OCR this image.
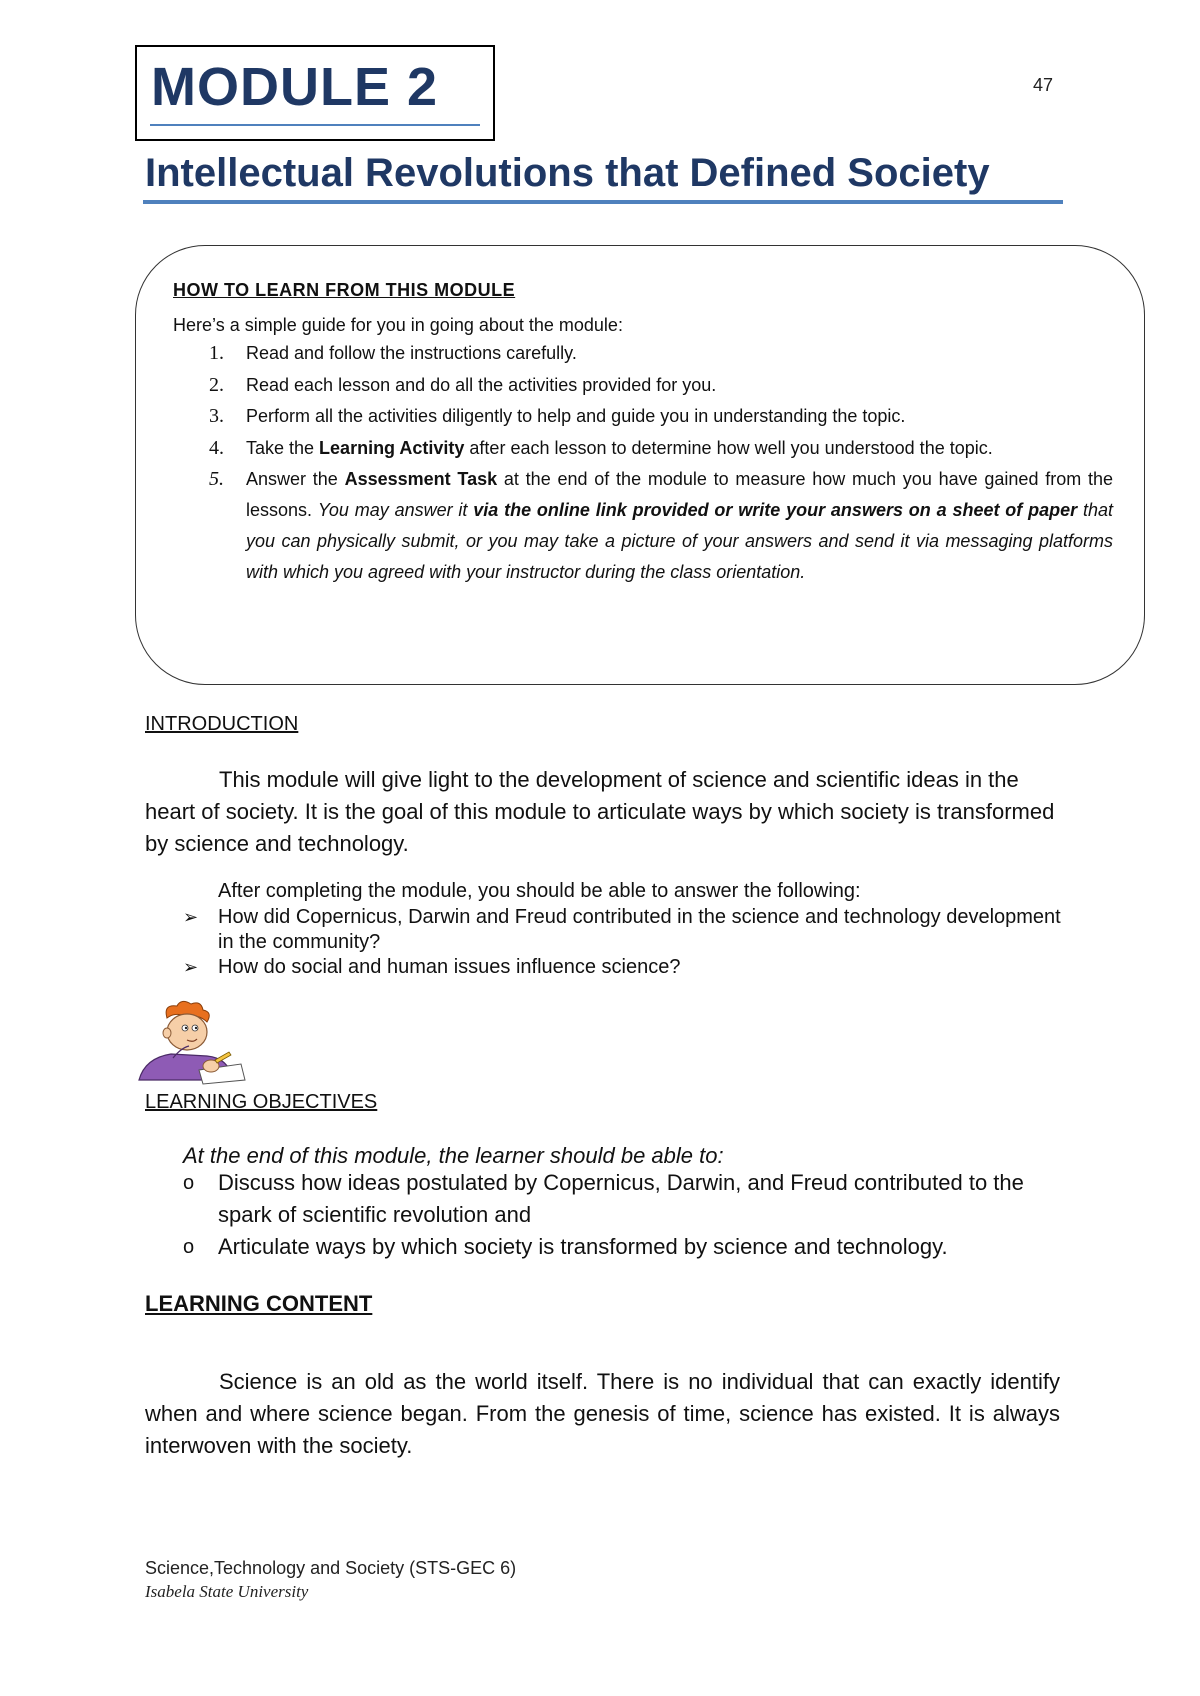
MODULE 2	47
Intellectual Revolutions that Defined Society
HOW TO LEARN FROM THIS MODULE
Here’s a simple guide for you in going about the module:
1. Read and follow the instructions carefully.
2. Read each lesson and do all the activities provided for you.
3. Perform all the activities diligently to help and guide you in understanding the topic.
4. Take the Learning Activity after each lesson to determine how well you understood the topic.
5. Answer the Assessment Task at the end of the module to measure how much you have gained from the lessons. You may answer it via the online link provided or write your answers on a sheet of paper that you can physically submit, or you may take a picture of your answers and send it via messaging platforms with which you agreed with your instructor during the class orientation.
INTRODUCTION
This module will give light to the development of science and scientific ideas in the heart of society. It is the goal of this module to articulate ways by which society is transformed by science and technology.
After completing the module, you should be able to answer the following:
➢ How did Copernicus, Darwin and Freud contributed in the science and technology development in the community?
➢ How do social and human issues influence science?
LEARNING OBJECTIVES
At the end of this module, the learner should be able to:
o Discuss how ideas postulated by Copernicus, Darwin, and Freud contributed to the spark of scientific revolution and
o Articulate ways by which society is transformed by science and technology.
LEARNING CONTENT
Science is an old as the world itself. There is no individual that can exactly identify when and where science began. From the genesis of time, science has existed. It is always interwoven with the society.
Science,Technology and Society (STS-GEC 6)
Isabela State University
